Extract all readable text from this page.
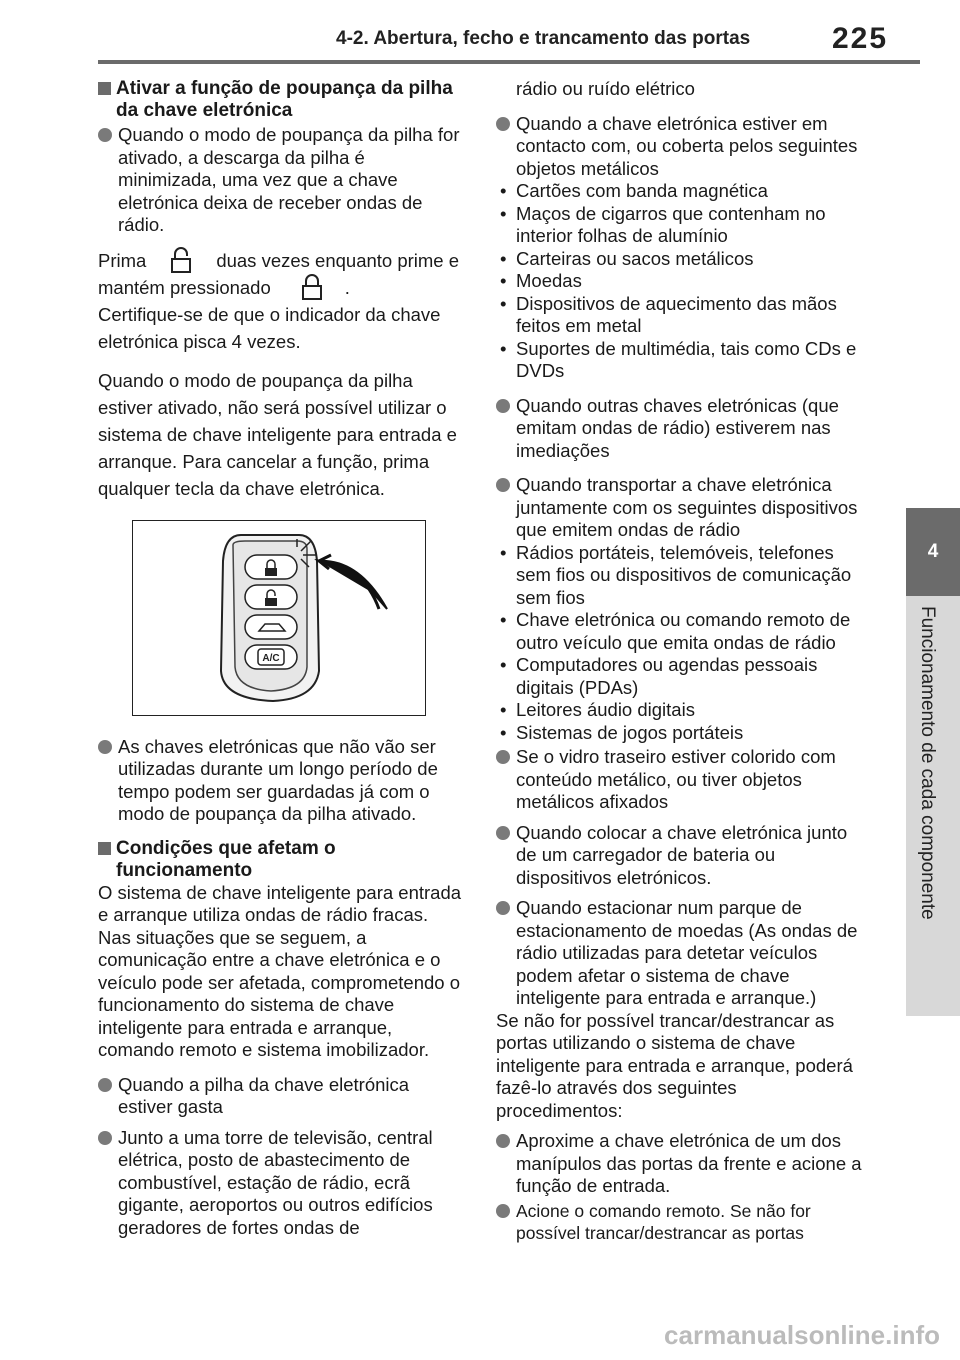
4-2. Abertura, fecho e trancamento das portas	225
4
Funcionamento de cada componente
Ativar a função de poupança da pilha da chave eletrónica
Quando o modo de poupança da pilha for ativado, a descarga da pilha é minimizada, uma vez que a chave eletrónica deixa de receber ondas de rádio.
Prima	duas vezes enquanto prime e mantém pressionado	.
Certifique-se de que o indicador da chave eletrónica pisca 4 vezes.
Quando o modo de poupança da pilha estiver ativado, não será possível utilizar o sistema de chave inteligente para entrada e arranque. Para cancelar a função, prima qualquer tecla da chave eletrónica.
A/C
As chaves eletrónicas que não vão ser utilizadas durante um longo período de tempo podem ser guardadas já com o modo de poupança da pilha ativado.
Condições que afetam o funcionamento
O sistema de chave inteligente para entrada e arranque utiliza ondas de rádio fracas. Nas situações que se seguem, a comunicação entre a chave eletrónica e o veículo pode ser afetada, comprometendo o funcionamento do sistema de chave inteligente para entrada e arranque, comando remoto e sistema imobilizador.
Quando a pilha da chave eletrónica estiver gasta
Junto a uma torre de televisão, central elétrica, posto de abastecimento de combustível, estação de rádio, ecrã gigante, aeroportos ou outros edifícios geradores de fortes ondas de
rádio ou ruído elétrico
Quando a chave eletrónica estiver em contacto com, ou coberta pelos seguintes objetos metálicos
• Cartões com banda magnética
• Maços de cigarros que contenham no interior folhas de alumínio
• Carteiras ou sacos metálicos
• Moedas
• Dispositivos de aquecimento das mãos feitos em metal
• Suportes de multimédia, tais como CDs e DVDs
Quando outras chaves eletrónicas (que emitam ondas de rádio) estiverem nas imediações
Quando transportar a chave eletrónica juntamente com os seguintes dispositivos que emitem ondas de rádio
• Rádios portáteis, telemóveis, telefones sem fios ou dispositivos de comunicação sem fios
• Chave eletrónica ou comando remoto de outro veículo que emita ondas de rádio
• Computadores ou agendas pessoais digitais (PDAs)
• Leitores áudio digitais
• Sistemas de jogos portáteis
Se o vidro traseiro estiver colorido com conteúdo metálico, ou tiver objetos metálicos afixados
Quando colocar a chave eletrónica junto de um carregador de bateria ou dispositivos eletrónicos.
Quando estacionar num parque de estacionamento de moedas (As ondas de rádio utilizadas para detetar veículos podem afetar o sistema de chave inteligente para entrada e arranque.)
Se não for possível trancar/destrancar as portas utilizando o sistema de chave inteligente para entrada e arranque, poderá fazê-lo através dos seguintes procedimentos:
Aproxime a chave eletrónica de um dos manípulos das portas da frente e acione a função de entrada.
Acione o comando remoto. Se não for possível trancar/destrancar as portas
carmanualsonline.info
